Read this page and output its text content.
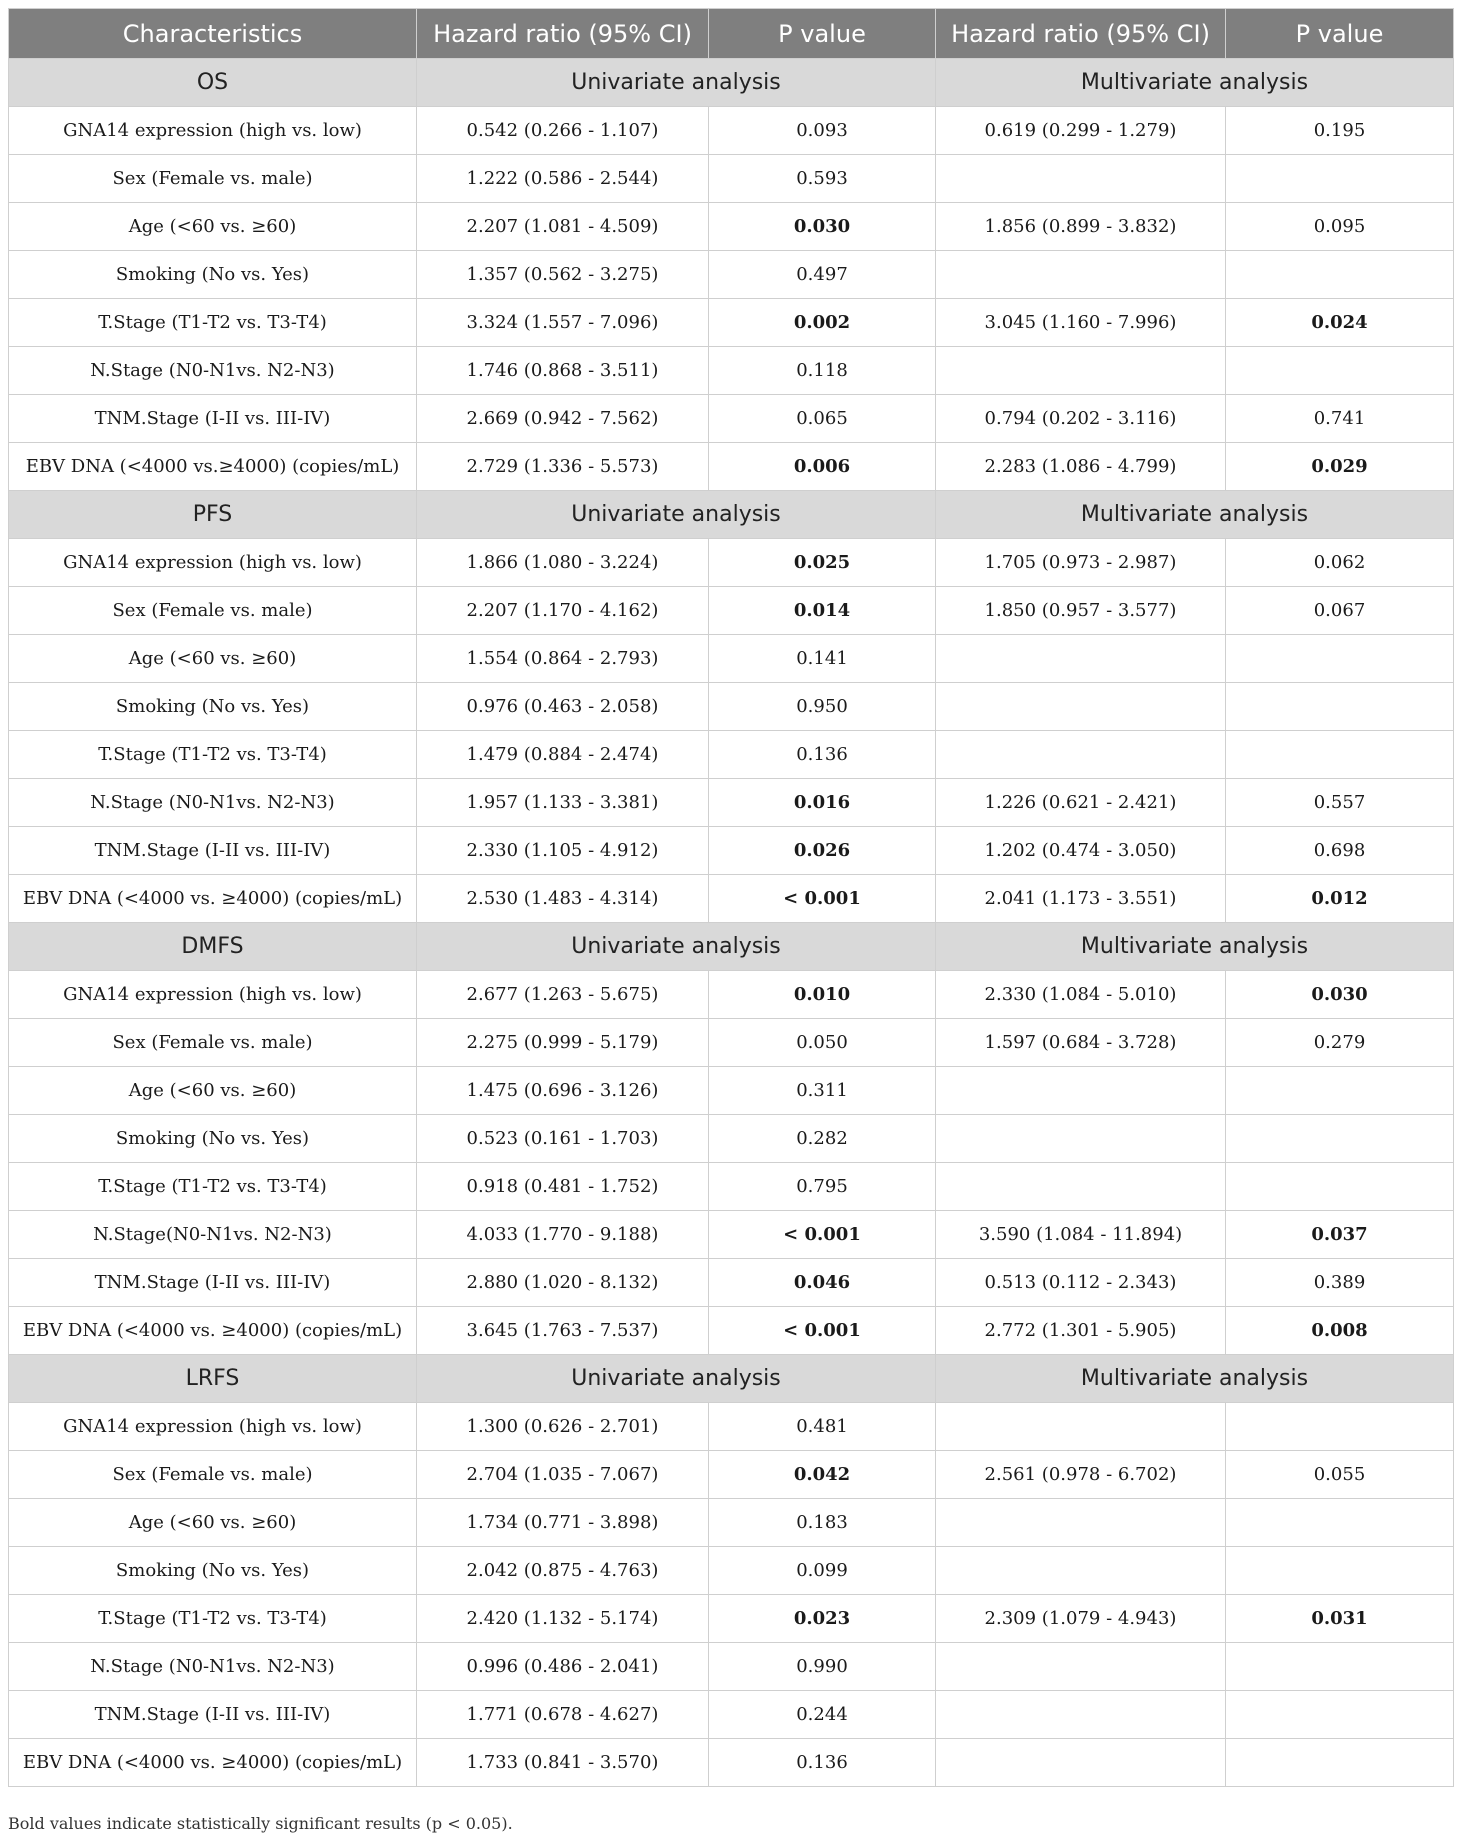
Characteristics	Hazard ratio (95% CI)	P value	Hazard ratio (95% CI)	P value
OS	Univariate analysis		Multivariate analysis	
GNA14 expression (high vs. low)	0.542 (0.266 - 1.107)	0.093	0.619 (0.299 - 1.279)	0.195
Sex (Female vs. male)	1.222 (0.586 - 2.544)	0.593		
Age (<60 vs. ≥60)	2.207 (1.081 - 4.509)	0.030	1.856 (0.899 - 3.832)	0.095
Smoking (No vs. Yes)	1.357 (0.562 - 3.275)	0.497		
T.Stage (T1-T2 vs. T3-T4)	3.324 (1.557 - 7.096)	0.002	3.045 (1.160 - 7.996)	0.024
N.Stage (N0-N1vs. N2-N3)	1.746 (0.868 - 3.511)	0.118		
TNM.Stage (I-II vs. III-IV)	2.669 (0.942 - 7.562)	0.065	0.794 (0.202 - 3.116)	0.741
EBV DNA (<4000 vs.≥4000) (copies/mL)	2.729 (1.336 - 5.573)	0.006	2.283 (1.086 - 4.799)	0.029
PFS	Univariate analysis		Multivariate analysis	
GNA14 expression (high vs. low)	1.866 (1.080 - 3.224)	0.025	1.705 (0.973 - 2.987)	0.062
Sex (Female vs. male)	2.207 (1.170 - 4.162)	0.014	1.850 (0.957 - 3.577)	0.067
Age (<60 vs. ≥60)	1.554 (0.864 - 2.793)	0.141		
Smoking (No vs. Yes)	0.976 (0.463 - 2.058)	0.950		
T.Stage (T1-T2 vs. T3-T4)	1.479 (0.884 - 2.474)	0.136		
N.Stage (N0-N1vs. N2-N3)	1.957 (1.133 - 3.381)	0.016	1.226 (0.621 - 2.421)	0.557
TNM.Stage (I-II vs. III-IV)	2.330 (1.105 - 4.912)	0.026	1.202 (0.474 - 3.050)	0.698
EBV DNA (<4000 vs. ≥4000) (copies/mL)	2.530 (1.483 - 4.314)	< 0.001	2.041 (1.173 - 3.551)	0.012
DMFS	Univariate analysis		Multivariate analysis	
GNA14 expression (high vs. low)	2.677 (1.263 - 5.675)	0.010	2.330 (1.084 - 5.010)	0.030
Sex (Female vs. male)	2.275 (0.999 - 5.179)	0.050	1.597 (0.684 - 3.728)	0.279
Age (<60 vs. ≥60)	1.475 (0.696 - 3.126)	0.311		
Smoking (No vs. Yes)	0.523 (0.161 - 1.703)	0.282		
T.Stage (T1-T2 vs. T3-T4)	0.918 (0.481 - 1.752)	0.795		
N.Stage(N0-N1vs. N2-N3)	4.033 (1.770 - 9.188)	< 0.001	3.590 (1.084 - 11.894)	0.037
TNM.Stage (I-II vs. III-IV)	2.880 (1.020 - 8.132)	0.046	0.513 (0.112 - 2.343)	0.389
EBV DNA (<4000 vs. ≥4000) (copies/mL)	3.645 (1.763 - 7.537)	< 0.001	2.772 (1.301 - 5.905)	0.008
LRFS	Univariate analysis		Multivariate analysis	
GNA14 expression (high vs. low)	1.300 (0.626 - 2.701)	0.481		
Sex (Female vs. male)	2.704 (1.035 - 7.067)	0.042	2.561 (0.978 - 6.702)	0.055
Age (<60 vs. ≥60)	1.734 (0.771 - 3.898)	0.183		
Smoking (No vs. Yes)	2.042 (0.875 - 4.763)	0.099		
T.Stage (T1-T2 vs. T3-T4)	2.420 (1.132 - 5.174)	0.023	2.309 (1.079 - 4.943)	0.031
N.Stage (N0-N1vs. N2-N3)	0.996 (0.486 - 2.041)	0.990		
TNM.Stage (I-II vs. III-IV)	1.771 (0.678 - 4.627)	0.244		
EBV DNA (<4000 vs. ≥4000) (copies/mL)	1.733 (0.841 - 3.570)	0.136		
Bold values indicate statistically significant results (p < 0.05).
